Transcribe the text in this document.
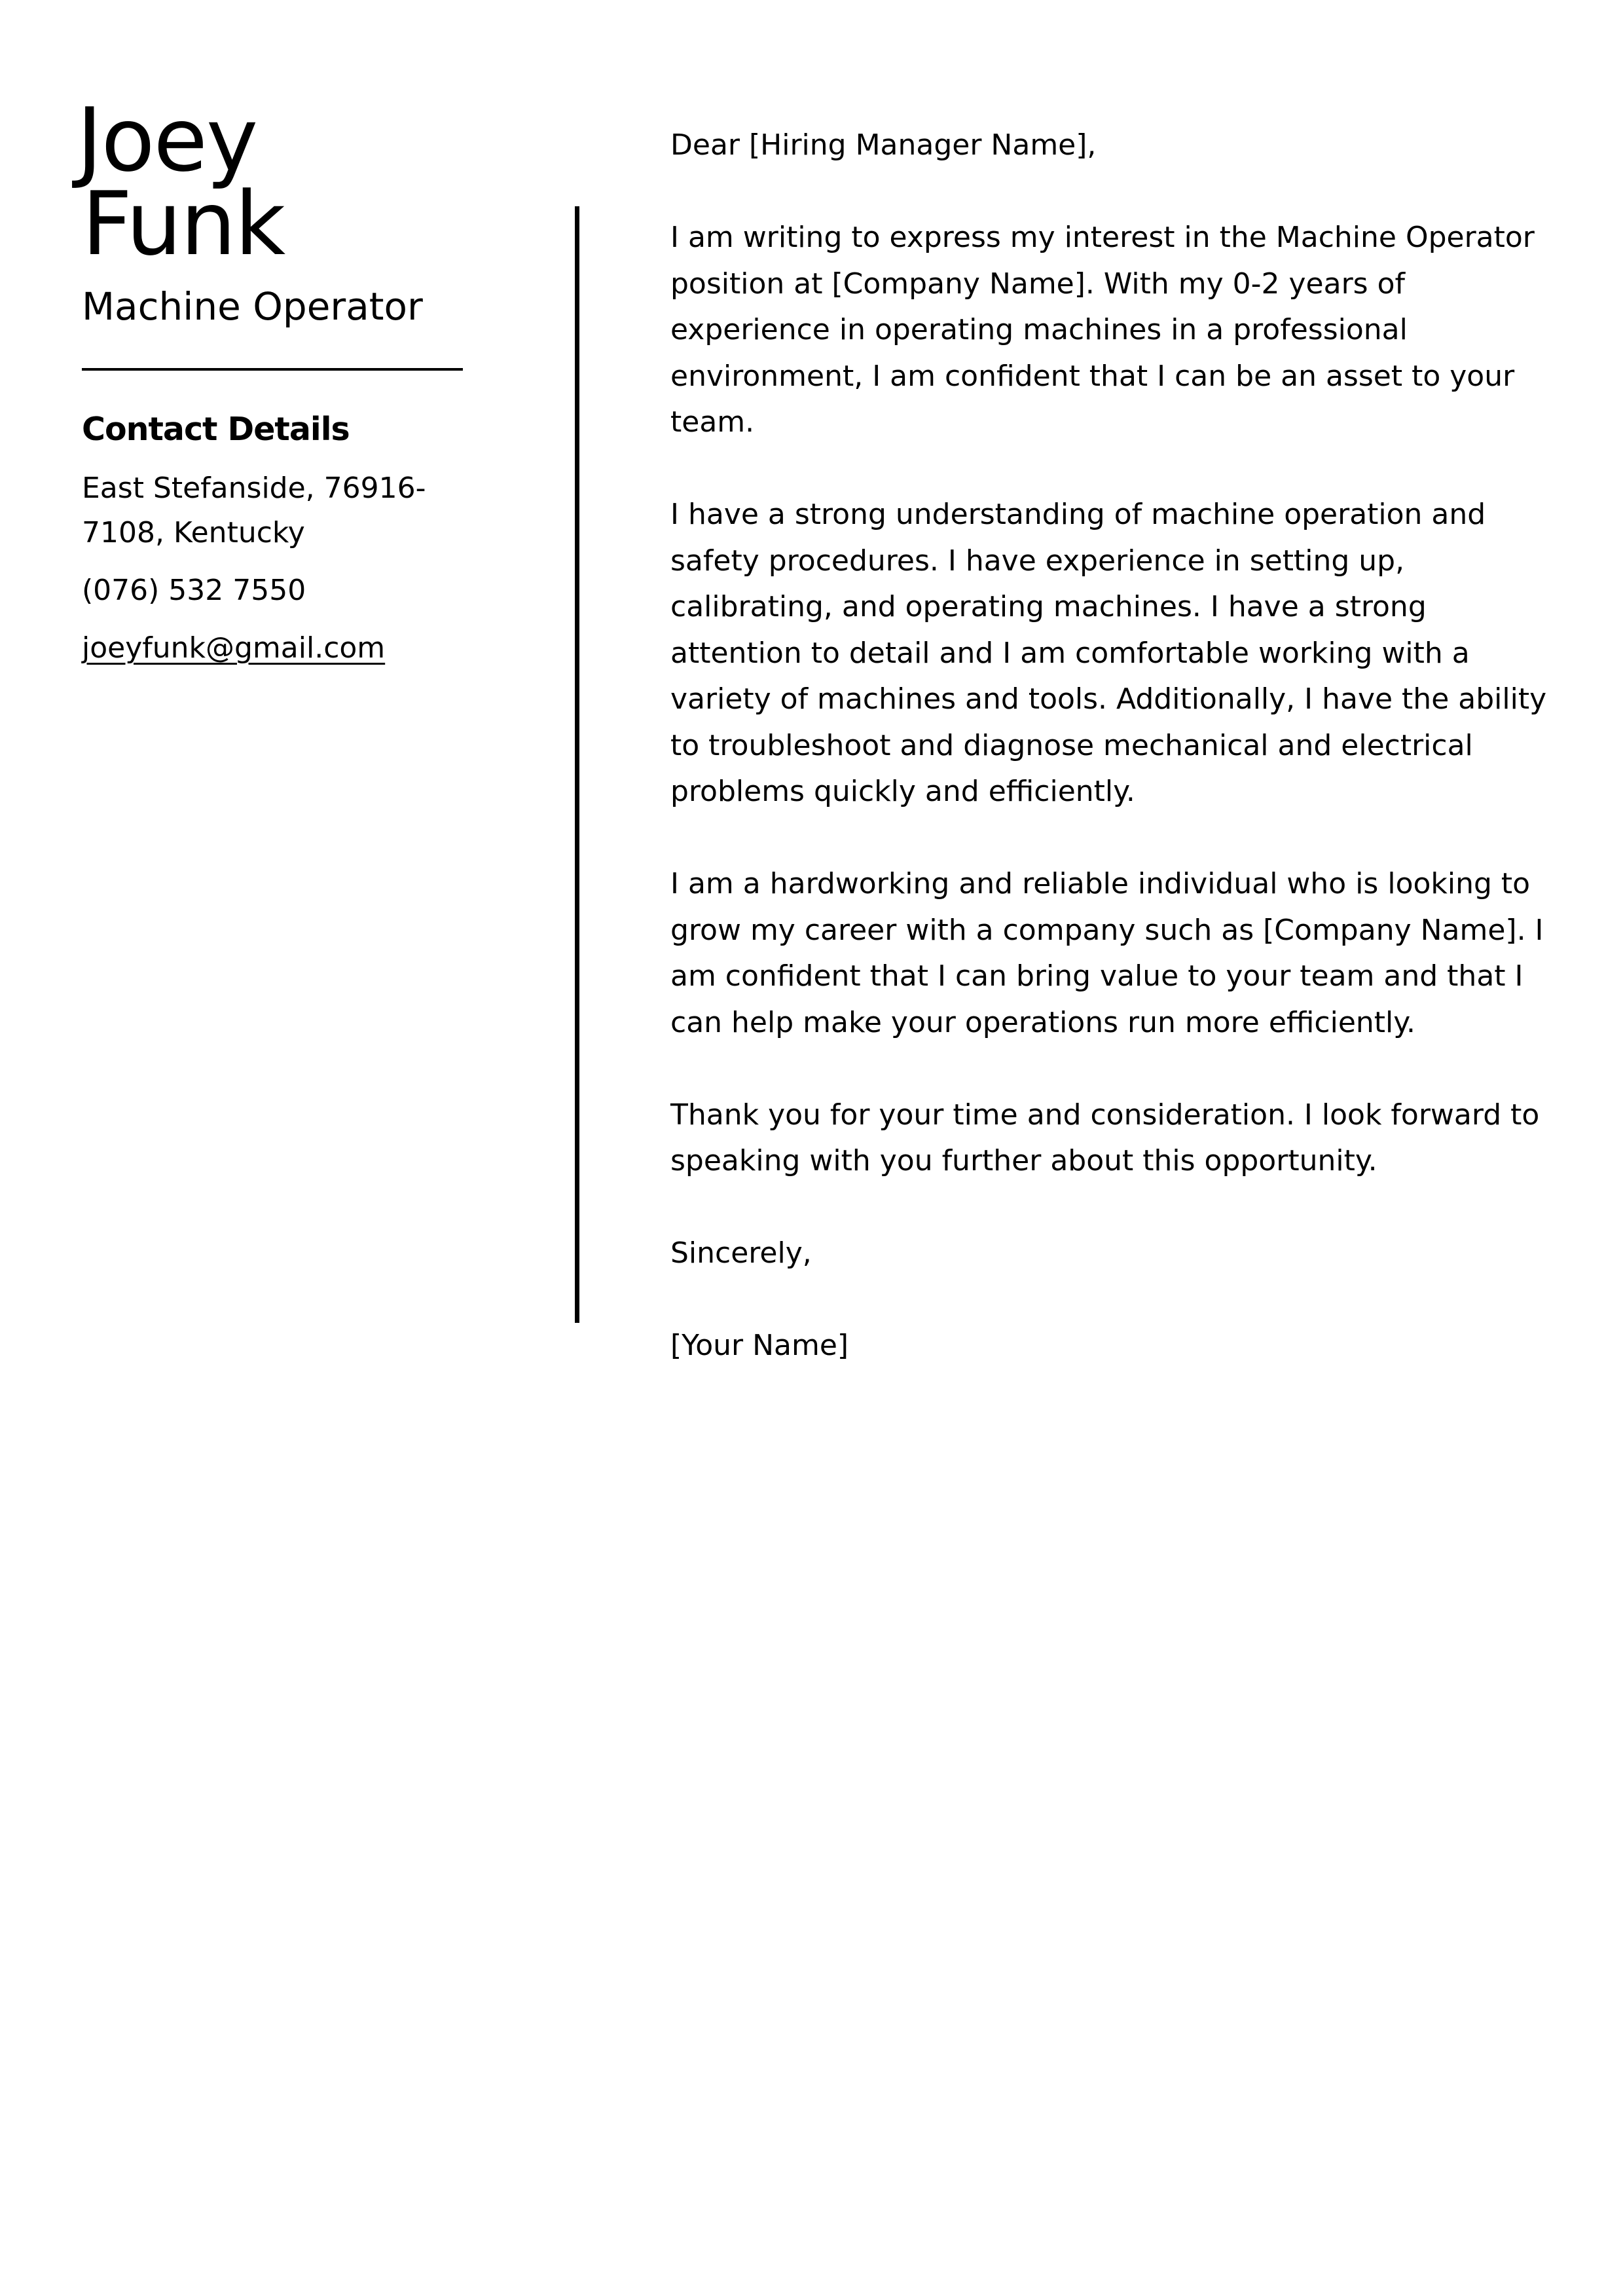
Joey
Funk
Machine Operator
Contact Details
East Stefanside, 76916-7108, Kentucky
(076) 532 7550
joeyfunk@gmail.com

Dear [Hiring Manager Name],

I am writing to express my interest in the Machine Operator position at [Company Name]. With my 0-2 years of experience in operating machines in a professional environment, I am confident that I can be an asset to your team.

I have a strong understanding of machine operation and safety procedures. I have experience in setting up, calibrating, and operating machines. I have a strong attention to detail and I am comfortable working with a variety of machines and tools. Additionally, I have the ability to troubleshoot and diagnose mechanical and electrical problems quickly and efficiently.

I am a hardworking and reliable individual who is looking to grow my career with a company such as [Company Name]. I am confident that I can bring value to your team and that I can help make your operations run more efficiently.

Thank you for your time and consideration. I look forward to speaking with you further about this opportunity.

Sincerely,

[Your Name]
